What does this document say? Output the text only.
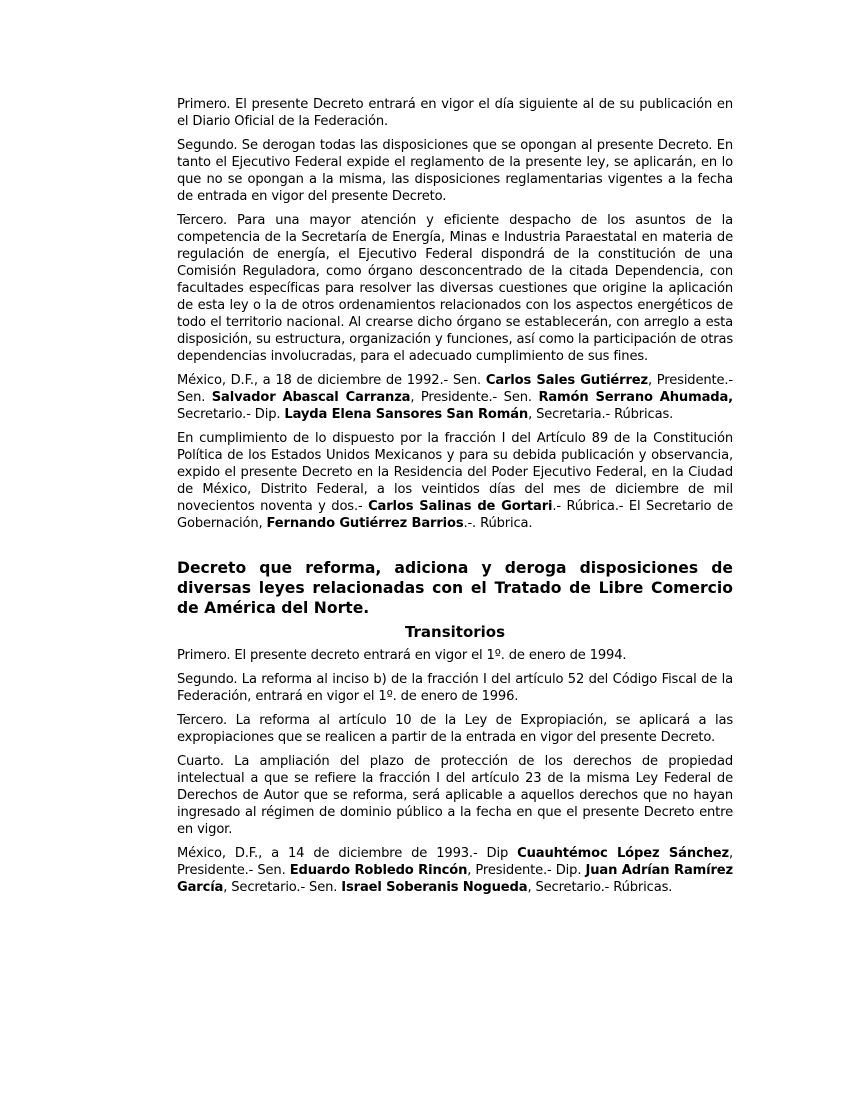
Primero. El presente Decreto entrará en vigor el día siguiente al de su publicación en el Diario Oficial de la Federación.

Segundo. Se derogan todas las disposiciones que se opongan al presente Decreto. En tanto el Ejecutivo Federal expide el reglamento de la presente ley, se aplicarán, en lo que no se opongan a la misma, las disposiciones reglamentarias vigentes a la fecha de entrada en vigor del presente Decreto.

Tercero. Para una mayor atención y eficiente despacho de los asuntos de la competencia de la Secretaría de Energía, Minas e Industria Paraestatal en materia de regulación de energía, el Ejecutivo Federal dispondrá de la constitución de una Comisión Reguladora, como órgano desconcentrado de la citada Dependencia, con facultades específicas para resolver las diversas cuestiones que origine la aplicación de esta ley o la de otros ordenamientos relacionados con los aspectos energéticos de todo el territorio nacional. Al crearse dicho órgano se establecerán, con arreglo a esta disposición, su estructura, organización y funciones, así como la participación de otras dependencias involucradas, para el adecuado cumplimiento de sus fines.

México, D.F., a 18 de diciembre de 1992.- Sen. Carlos Sales Gutiérrez, Presidente.- Sen. Salvador Abascal Carranza, Presidente.- Sen. Ramón Serrano Ahumada, Secretario.- Dip. Layda Elena Sansores San Román, Secretaria.- Rúbricas.

En cumplimiento de lo dispuesto por la fracción I del Artículo 89 de la Constitución Política de los Estados Unidos Mexicanos y para su debida publicación y observancia, expido el presente Decreto en la Residencia del Poder Ejecutivo Federal, en la Ciudad de México, Distrito Federal, a los veintidos días del mes de diciembre de mil novecientos noventa y dos.- Carlos Salinas de Gortari.- Rúbrica.- El Secretario de Gobernación, Fernando Gutiérrez Barrios.-. Rúbrica.

Decreto que reforma, adiciona y deroga disposiciones de diversas leyes relacionadas con el Tratado de Libre Comercio de América del Norte.
Transitorios

Primero. El presente decreto entrará en vigor el 1º. de enero de 1994.

Segundo. La reforma al inciso b) de la fracción I del artículo 52 del Código Fiscal de la Federación, entrará en vigor el 1º. de enero de 1996.

Tercero. La reforma al artículo 10 de la Ley de Expropiación, se aplicará a las expropiaciones que se realicen a partir de la entrada en vigor del presente Decreto.

Cuarto. La ampliación del plazo de protección de los derechos de propiedad intelectual a que se refiere la fracción I del artículo 23 de la misma Ley Federal de Derechos de Autor que se reforma, será aplicable a aquellos derechos que no hayan ingresado al régimen de dominio público a la fecha en que el presente Decreto entre en vigor.

México, D.F., a 14 de diciembre de 1993.- Dip Cuauhtémoc López Sánchez, Presidente.- Sen. Eduardo Robledo Rincón, Presidente.- Dip. Juan Adrían Ramírez García, Secretario.- Sen. Israel Soberanis Nogueda, Secretario.- Rúbricas.
